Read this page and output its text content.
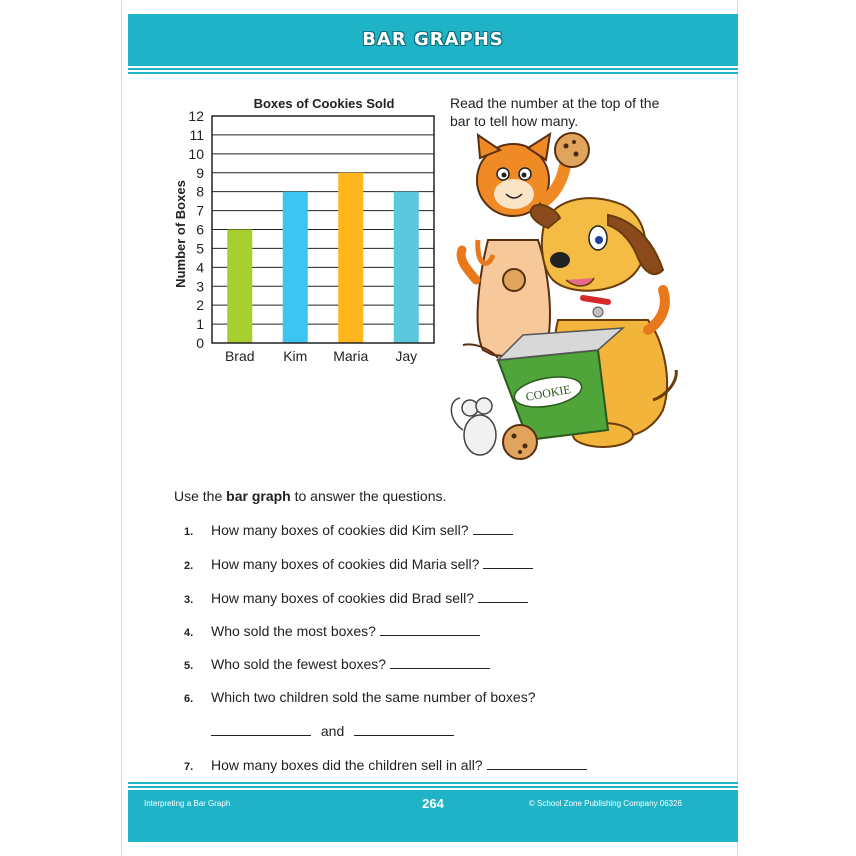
BAR GRAPHS
Boxes of Cookies Sold
Number of Boxes
0
1
2
3
4
5
6
7
8
9
10
11
12
Brad Kim Maria Jay
Read the number at the top of the bar to tell how many.
COOKIE
Use the bar graph to answer the questions.
1. How many boxes of cookies did Kim sell?
2. How many boxes of cookies did Maria sell?
3. How many boxes of cookies did Brad sell?
4. Who sold the most boxes?
5. Who sold the fewest boxes?
6. Which two children sold the same number of boxes?
and
7. How many boxes did the children sell in all?
Interpreting a Bar Graph	264	© School Zone Publishing Company 06326
